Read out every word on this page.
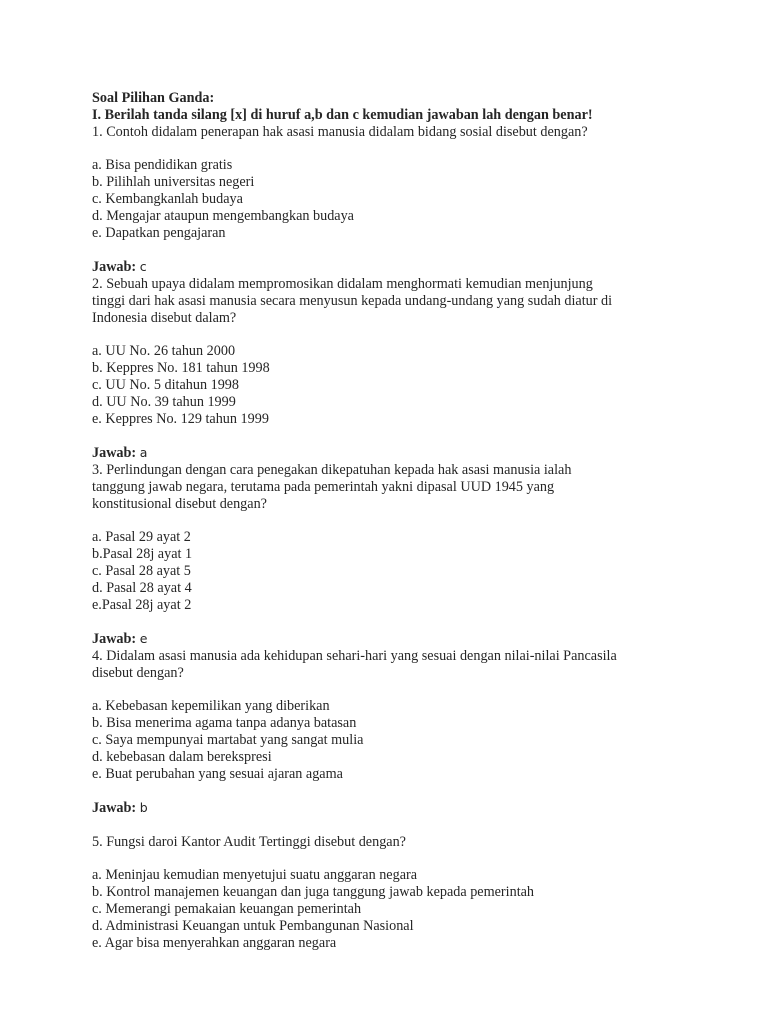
Soal Pilihan Ganda:
I. Berilah tanda silang [x] di huruf a,b dan c kemudian jawaban lah dengan benar!
1. Contoh didalam penerapan hak asasi manusia didalam bidang sosial disebut dengan?
a. Bisa pendidikan gratis
b. Pilihlah universitas negeri
c. Kembangkanlah budaya
d. Mengajar ataupun mengembangkan budaya
e. Dapatkan pengajaran
Jawab: c
2. Sebuah upaya didalam mempromosikan didalam menghormati kemudian menjunjung
tinggi dari hak asasi manusia secara menyusun kepada undang-undang yang sudah diatur di
Indonesia disebut dalam?
a. UU No. 26 tahun 2000
b. Keppres No. 181 tahun 1998
c. UU No. 5 ditahun 1998
d. UU No. 39 tahun 1999
e. Keppres No. 129 tahun 1999
Jawab: a
3. Perlindungan dengan cara penegakan dikepatuhan kepada hak asasi manusia ialah
tanggung jawab negara, terutama pada pemerintah yakni dipasal UUD 1945 yang
konstitusional disebut dengan?
a. Pasal 29 ayat 2
b.Pasal 28j ayat 1
c. Pasal 28 ayat 5
d. Pasal 28 ayat 4
e.Pasal 28j ayat 2
Jawab: e
4. Didalam asasi manusia ada kehidupan sehari-hari yang sesuai dengan nilai-nilai Pancasila
disebut dengan?
a. Kebebasan kepemilikan yang diberikan
b. Bisa menerima agama tanpa adanya batasan
c. Saya mempunyai martabat yang sangat mulia
d. kebebasan dalam berekspresi
e. Buat perubahan yang sesuai ajaran agama
Jawab: b
5. Fungsi daroi Kantor Audit Tertinggi disebut dengan?
a. Meninjau kemudian menyetujui suatu anggaran negara
b. Kontrol manajemen keuangan dan juga tanggung jawab kepada pemerintah
c. Memerangi pemakaian keuangan pemerintah
d. Administrasi Keuangan untuk Pembangunan Nasional
e. Agar bisa menyerahkan anggaran negara
